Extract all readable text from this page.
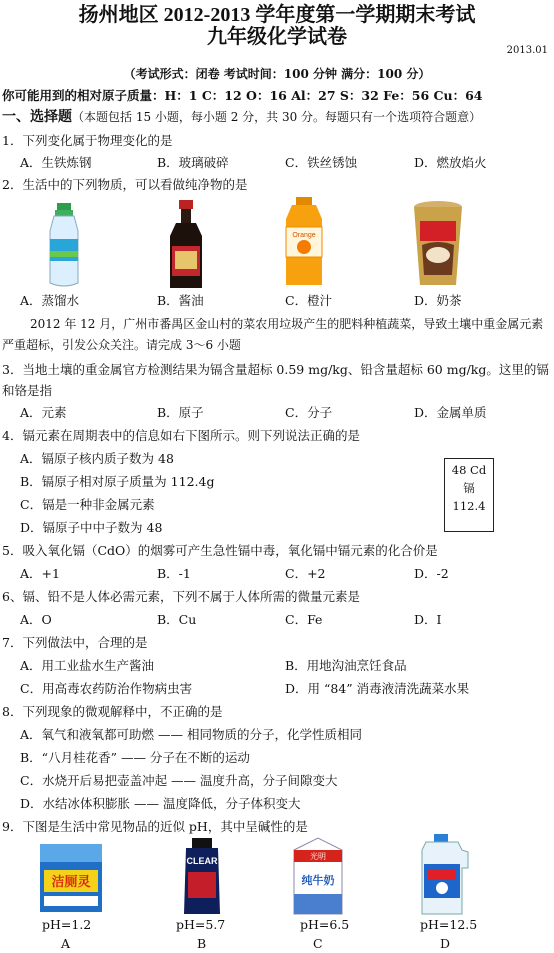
扬州地区 2012-2013 学年度第一学期期末考试
九年级化学试卷
2013.01
（考试形式：闭卷 考试时间：100 分钟 满分：100 分）
你可能用到的相对原子质量：H：1 C：12 O：16 Al：27 S：32 Fe：56 Cu：64
一、选择题（本题包括 15 小题，每小题 2 分，共 30 分。每题只有一个选项符合题意）
1．下列变化属于物理变化的是
A．生铁炼钢	B．玻璃破碎	C．铁丝锈蚀	D．燃放焰火
2．生活中的下列物质，可以看做纯净物的是
Orange
A．蒸馏水	B．酱油	C．橙汁	D．奶茶
2012 年 12 月，广州市番禺区金山村的菜农用垃圾产生的肥料种植蔬菜，导致土壤中重金属元素严重超标，引发公众关注。请完成 3～6 小题
3．当地土壤的重金属官方检测结果为镉含量超标 0.59 mg/kg、铅含量超标 60 mg/kg。这里的镉和铬是指
A．元素	B．原子	C．分子	D．金属单质
4．镉元素在周期表中的信息如右下图所示。则下列说法正确的是
A．镉原子核内质子数为 48
B．镉原子相对原子质量为 112.4g
C．镉是一种非金属元素
D．镉原子中中子数为 48
48 Cd
镉
112.4
5．吸入氧化镉（CdO）的烟雾可产生急性镉中毒，氧化镉中镉元素的化合价是
A．+1	B．-1	C．+2	D．-2
6、镉、铅不是人体必需元素，下列不属于人体所需的微量元素是
A．O	B．Cu	C．Fe	D．I
7．下列做法中，合理的是
A．用工业盐水生产酱油	B．用地沟油烹饪食品
C．用高毒农药防治作物病虫害	D．用 “84” 消毒液清洗蔬菜水果
8．下列现象的微观解释中，不正确的是
A．氧气和液氧都可助燃 —— 相同物质的分子，化学性质相同
B．“八月桂花香” —— 分子在不断的运动
C．水烧开后易把壶盖冲起 —— 温度升高，分子间隙变大
D．水结冰体积膨胀 —— 温度降低，分子体积变大
9．下图是生活中常见物品的近似 pH，其中呈碱性的是
洁厕灵
CLEAR	光明
纯牛奶
pH=1.2	pH=5.7	pH=6.5	pH=12.5
A	B	C	D
